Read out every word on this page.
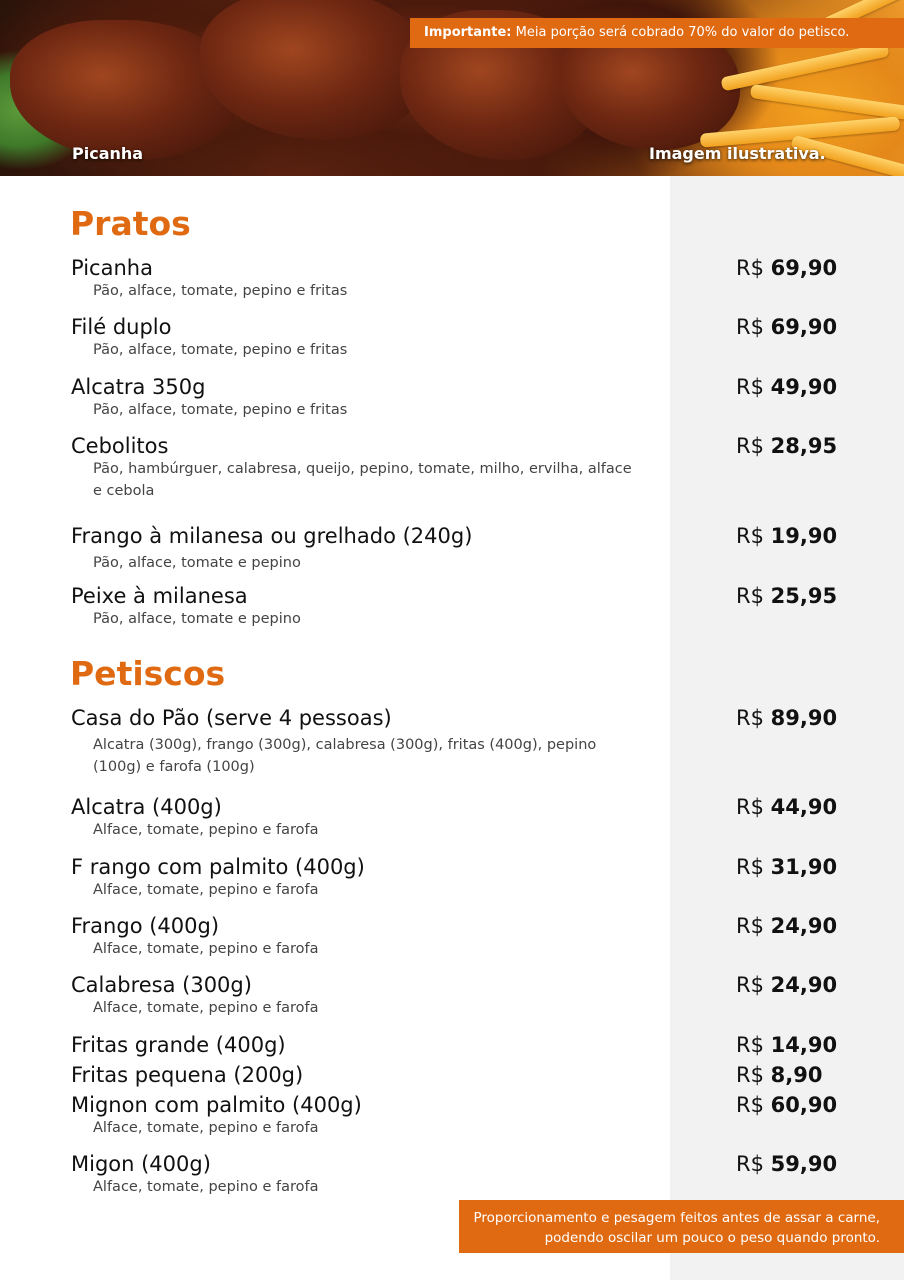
Importante: Meia porção será cobrado 70% do valor do petisco.
Picanha	Imagem ilustrativa.
Pratos
Picanha
Pão, alface, tomate, pepino e fritas
R$ 69,90
Filé duplo
Pão, alface, tomate, pepino e fritas
R$ 69,90
Alcatra 350g
Pão, alface, tomate, pepino e fritas
R$ 49,90
Cebolitos
Pão, hambúrguer, calabresa, queijo, pepino, tomate, milho, ervilha, alface e cebola
R$ 28,95
Frango à milanesa ou grelhado (240g)
Pão, alface, tomate e pepino
R$ 19,90
Peixe à milanesa
Pão, alface, tomate e pepino
R$ 25,95
Petiscos
Casa do Pão (serve 4 pessoas)
Alcatra (300g), frango (300g), calabresa (300g), fritas (400g), pepino (100g) e farofa (100g)
R$ 89,90
Alcatra (400g)
Alface, tomate, pepino e farofa
R$ 44,90
F rango com palmito (400g)
Alface, tomate, pepino e farofa
R$ 31,90
Frango (400g)
Alface, tomate, pepino e farofa
R$ 24,90
Calabresa (300g)
Alface, tomate, pepino e farofa
R$ 24,90
Fritas grande (400g)	R$ 14,90
Fritas pequena (200g)	R$ 8,90
Mignon com palmito (400g)
Alface, tomate, pepino e farofa
R$ 60,90
Migon (400g)
Alface, tomate, pepino e farofa
R$ 59,90
Proporcionamento e pesagem feitos antes de assar a carne, podendo oscilar um pouco o peso quando pronto.
